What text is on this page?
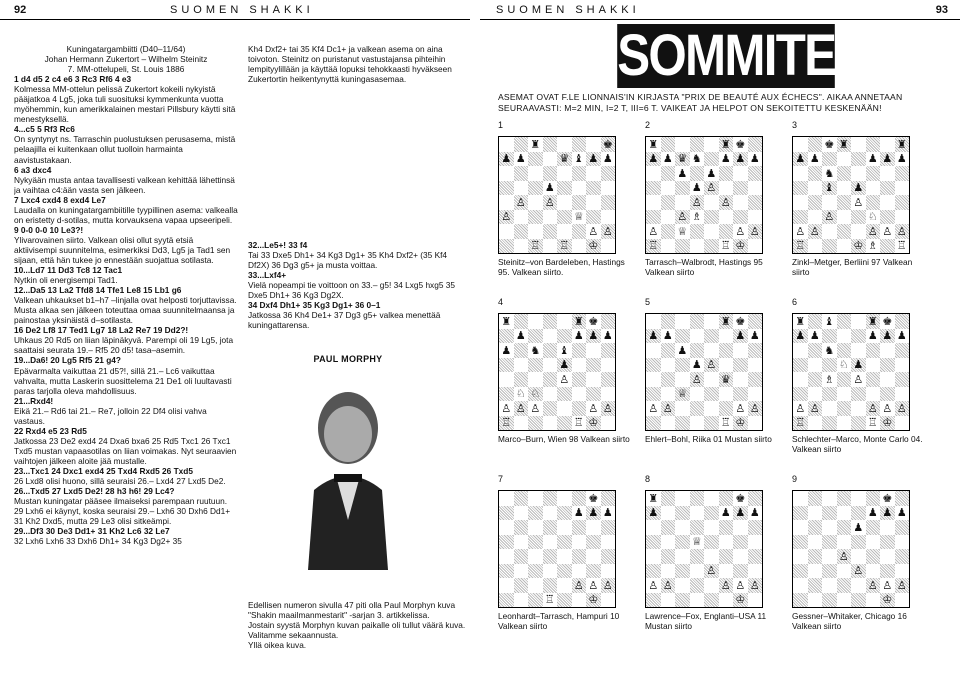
92	SUOMEN SHAKKI

Kuningatargambiitti (D40–11/64)

Johan Hermann Zukertort – Wilhelm Steinitz

7. MM-ottelupeli, St. Louis 1886

1 d4 d5 2 c4 e6 3 Rc3 Rf6 4 e3

Kolmessa MM-ottelun pelissä Zukertort kokeili nykyistä pääjatkoa 4 Lg5, joka tuli suosituksi kymmenkunta vuotta myöhemmin, kun amerikkalainen mestari Pillsbury käytti sitä menestyksellä.

4...c5 5 Rf3 Rc6

On syntynyt ns. Tarraschin puolustuksen perusasema, mistä pelaajilla ei kuitenkaan ollut tuolloin harmainta aavistustakaan.

6 a3 dxc4

Nykyään musta antaa tavallisesti valkean kehittää lähettinsä ja vaihtaa c4:ään vasta sen jälkeen.

7 Lxc4 cxd4 8 exd4 Le7

Laudalla on kuningatargambiitille tyypillinen asema: valkealla on eristetty d-sotilas, mutta korvauksena vapaa upseeripeli.

9 0-0 0-0 10 Le3?!

Ylivarovainen siirto. Valkean olisi ollut syytä etsiä aktiivisempi suunnitelma, esimerkiksi Dd3, Lg5 ja Tad1 sen sijaan, että hän tukee jo ennestään suojattua sotilasta.

10...Ld7 11 Dd3 Tc8 12 Tac1

Nytkin oli energisempi Tad1.

12...Da5 13 La2 Tfd8 14 Tfe1 Le8 15 Lb1 g6

Valkean uhkaukset b1–h7 –linjalla ovat helposti torjuttavissa. Musta alkaa sen jälkeen toteuttaa omaa suunnitelmaansa ja painostaa yksinäistä d–sotilasta.

16 De2 Lf8 17 Ted1 Lg7 18 La2 Re7 19 Dd2?!

Uhkaus 20 Rd5 on liian läpinäkyvä. Parempi oli 19 Lg5, jota saattaisi seurata 19.– Rf5 20 d5! tasa–asemin.

19...Da6! 20 Lg5 Rf5 21 g4?

Epävarmalta vaikuttaa 21 d5?!, sillä 21.– Lc6 vaikuttaa vahvalta, mutta Laskerin suosittelema 21 De1 oli luultavasti paras tarjolla oleva mahdollisuus.

21...Rxd4!

Eikä 21.– Rd6 tai 21.– Re7, jolloin 22 Df4 olisi vahva vastaus.

22 Rxd4 e5 23 Rd5

Jatkossa 23 De2 exd4 24 Dxa6 bxa6 25 Rd5 Txc1 26 Txc1 Txd5 mustan vapaasotilas on liian voimakas. Nyt seuraavien vaihtojen jälkeen aloite jää mustalle.

23...Txc1 24 Dxc1 exd4 25 Txd4 Rxd5 26 Txd5

26 Lxd8 olisi huono, sillä seuraisi 26.– Lxd4 27 Lxd5 De2.

26...Txd5 27 Lxd5 De2! 28 h3 h6! 29 Lc4?

Mustan kuningatar pääsee ilmaiseksi parempaan ruutuun. 29 Lxh6 ei käynyt, koska seuraisi 29.– Lxh6 30 Dxh6 Dd1+ 31 Kh2 Dxd5, mutta 29 Le3 olisi sitkeämpi.

29...Df3 30 De3 Dd1+ 31 Kh2 Lc6 32 Le7

32 Lxh6 Lxh6 33 Dxh6 Dh1+ 34 Kg3 Dg2+ 35

Kh4 Dxf2+ tai 35 Kf4 Dc1+ ja valkean asema on aina toivoton. Steinitz on puristanut vastustajansa pihteihin lempityylillään ja käyttää lopuksi tehokkaasti hyväkseen Zukertortin heikentynyttä kuningasasemaa.

32...Le5+! 33 f4

Tai 33 Dxe5 Dh1+ 34 Kg3 Dg1+ 35 Kh4 Dxf2+ (35 Kf4 Df2X) 36 Dg3 g5+ ja musta voittaa.

33...Lxf4+

Vielä nopeampi tie voittoon on 33.– g5! 34 Lxg5 hxg5 35 Dxe5 Dh1+ 36 Kg3 Dg2X.

34 Dxf4 Dh1+ 35 Kg3 Dg1+ 36 0–1

Jatkossa 36 Kh4 De1+ 37 Dg3 g5+ valkea menettää kuningattarensa.

PAUL MORPHY

Edellisen numeron sivulla 47 piti olla Paul Morphyn kuva "Shakin maailmanmestarit" -sarjan 3. artikkelissa.

Jostain syystä Morphyn kuvan paikalle oli tullut väärä kuva. Valitamme sekaannusta.

Yllä oikea kuva.

SUOMEN SHAKKI	93
SOMMITELMIA
ASEMAT OVAT F.LE LIONNAIS'IN KIRJASTA "PRIX DE BEAUTÉ AUX ÉCHECS". AIKAA ANNETAAN SEURAAVASTI: M=2 MIN, I=2 T, III=6 T. VAIKEAT JA HELPOT ON SEKOITETTU KESKENÄÄN!
1
♜	♚
♟ ♟	♛ ♝ ♟ ♟
♟
♙ ♙
♙	♕
♙ ♙
♖ ♖ ♔
Steinitz–von Bardeleben, Hastings 95. Valkean siirto.
2
♜	♜ ♚
♟ ♟ ♛ ♞ ♟ ♟ ♟
♟ ♟
♟ ♙
♙ ♙
♙ ♗
♙ ♕	♙ ♙
♖	♖ ♔
Tarrasch–Walbrodt, Hastings 95 Valkean siirto
3
♚ ♜	♜
♟ ♟	♟ ♟ ♟
♞
♝ ♟
♙
♙	♘
♙ ♙	♙ ♙ ♙
♖	♔ ♗ ♖
Zinkl–Metger, Berliini 97 Valkean siirto
4
♜	♜ ♚
♟	♟ ♟ ♟
♟ ♞ ♝
♟
♙
♘ ♘
♙ ♙ ♙	♙ ♙
♖	♖ ♔
Marco–Burn, Wien 98 Valkean siirto
5
♜ ♚
♟ ♟	♟ ♟
♟
♟ ♙
♙ ♛
♕
♙ ♙	♙ ♙
♖ ♔
Ehlert–Bohl, Riika 01 Mustan siirto
6
♜ ♝	♜ ♚
♟ ♟	♟ ♟ ♟
♞
♘ ♟
♗ ♙
♙ ♙	♙ ♙ ♙
♖	♖ ♔
Schlechter–Marco, Monte Carlo 04. Valkean siirto
7
♚
♟ ♟ ♟
♙ ♙ ♙
♖	♔
Leonhardt–Tarrasch, Hampuri 10 Valkean siirto
8
♜	♚
♟	♟ ♟ ♟
♕
♙
♙ ♙	♙ ♙ ♙
♔
Lawrence–Fox, Englanti–USA 11 Mustan siirto
9
♚
♟ ♟ ♟
♟
♙
♙
♙ ♙ ♙
♔
Gessner–Whitaker, Chicago 16 Valkean siirto
